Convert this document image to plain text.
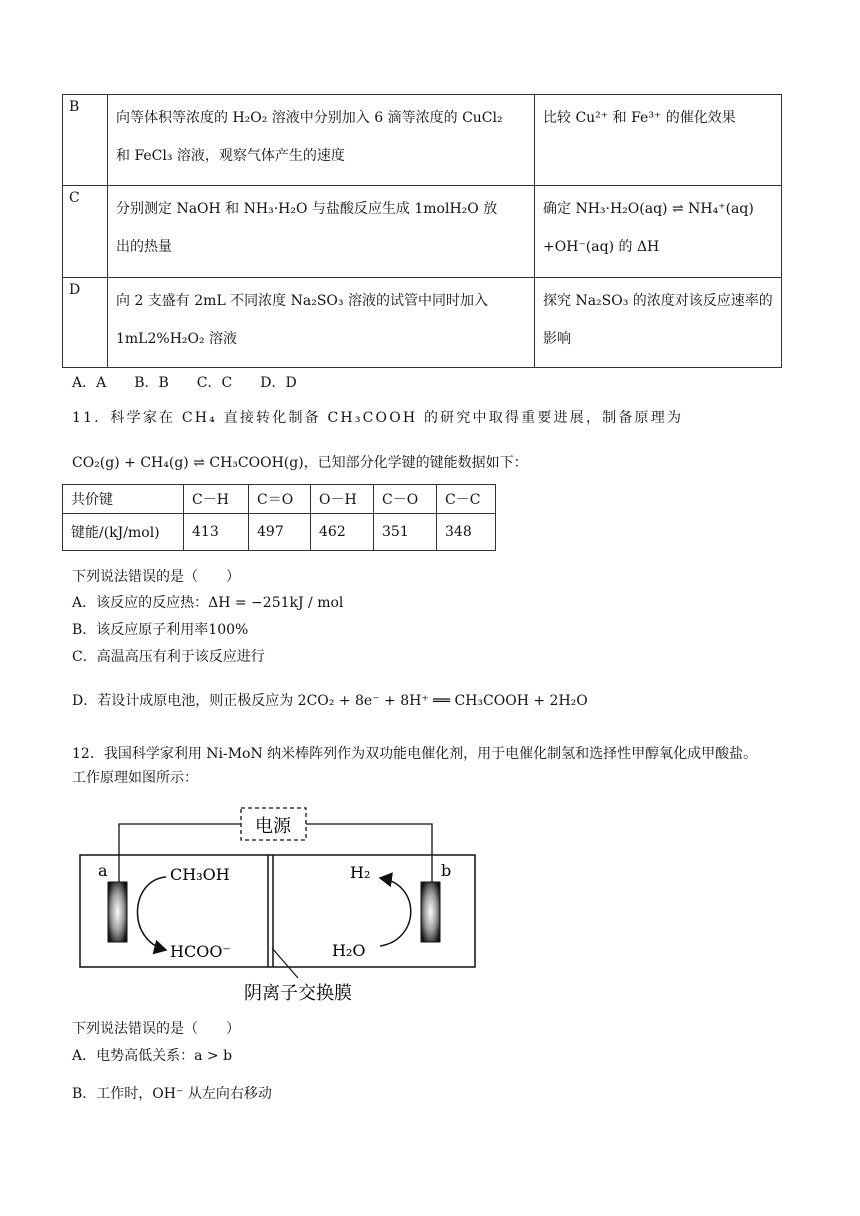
B	向等体积等浓度的 H₂O₂ 溶液中分别加入 6 滴等浓度的 CuCl₂
和 FeCl₃ 溶液，观察气体产生的速度	比较 Cu²⁺ 和 Fe³⁺ 的催化效果

C	分别测定 NaOH 和 NH₃·H₂O 与盐酸反应生成 1molH₂O 放
出的热量	确定 NH₃·H₂O(aq) ⇌ NH₄⁺(aq)
+OH⁻(aq) 的 ΔH

D	向 2 支盛有 2mL 不同浓度 Na₂SO₃ 溶液的试管中同时加入
1mL2%H₂O₂ 溶液	探究 Na₂SO₃ 的浓度对该反应速率的
影响
A．A　　B．B　　C．C　　D．D
11．科学家在 CH₄ 直接转化制备 CH₃COOH 的研究中取得重要进展，制备原理为
CO₂(g) + CH₄(g) ⇌ CH₃COOH(g)，已知部分化学键的键能数据如下：
共价键	C－H	C＝O	O－H	C－O	C－C
键能/(kJ/mol)	413	497	462	351	348
下列说法错误的是（　　）
A．该反应的反应热：ΔH = −251kJ / mol
B．该反应原子利用率100%
C．高温高压有利于该反应进行
D．若设计成原电池，则正极反应为 2CO₂ + 8e⁻ + 8H⁺ ══ CH₃COOH + 2H₂O
12．我国科学家利用 Ni-MoN 纳米棒阵列作为双功能电催化剂，用于电催化制氢和选择性甲醇氧化成甲酸盐。
工作原理如图所示：
电源
a	b
CH₃OH
HCOO⁻
H₂
H₂O
阴离子交换膜
下列说法错误的是（　　）
A．电势高低关系：a > b
B．工作时，OH⁻ 从左向右移动
